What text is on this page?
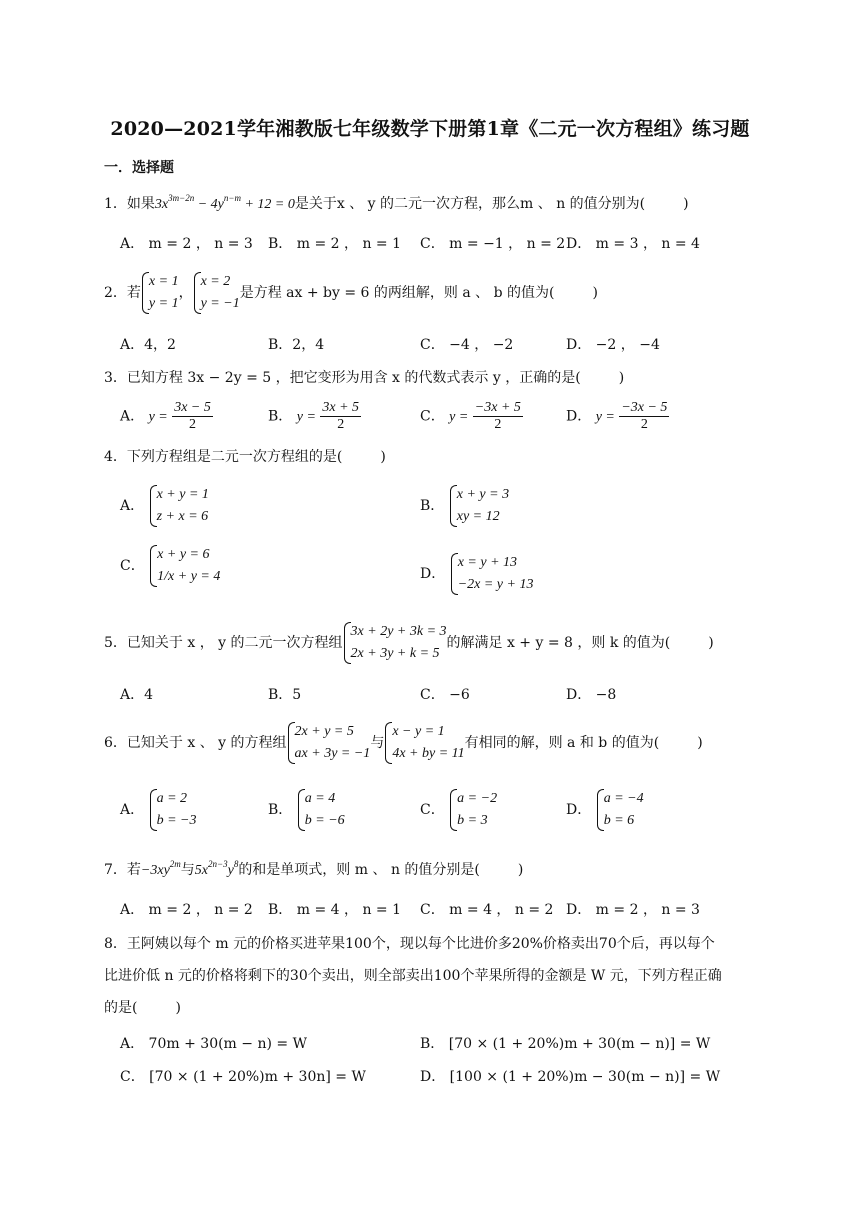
2020—2021学年湘教版七年级数学下册第1章《二元一次方程组》练习题
一．选择题
1．如果$3x^{3m-2n} - 4y^{n-m} + 12 = 0$是关于x 、 y 的二元一次方程，那么m 、 n 的值分别为(	)
A． m = 2 ， n = 3 B． m = 2 ， n = 1 C． m = −1 ， n = 2 D． m = 3 ， n = 4
2．若
x = 1
y = 1
，
x = 2
y = −1
是方程 ax + by = 6 的两组解，则 a 、 b 的值为(	)
A．4，2	B．2，4	C． −4 ， −2	D． −2 ， −4
3．已知方程 3x − 2y = 5 ，把它变形为用含 x 的代数式表示 y ，正确的是(	)
A． $y = \frac{3x - 5}{2}$	B． $y = \frac{3x + 5}{2}$	C． $y = \frac{-3x + 5}{2}$	D． $y = \frac{-3x - 5}{2}$
4．下列方程组是二元一次方程组的是(	)
A．
x + y = 1
z + x = 6
B．
x + y = 3
xy = 12
C．
x + y = 6
1/x + y = 4	D．
x = y + 13
−2x = y + 13
5．已知关于 x ， y 的二元一次方程组
3x + 2y + 3k = 3
2x + 3y + k = 5
的解满足 x + y = 8 ，则 k 的值为(	)
A．4	B．5	C． −6	D． −8
6．已知关于 x 、 y 的方程组
2x + y = 5
ax + 3y = −1
与
x − y = 1
4x + by = 11
有相同的解，则 a 和 b 的值为(	)
A．
a = 2
b = −3
B．
a = 4
b = −6
C．
a = −2
b = 3
D．
a = −4
b = 6
7．若$-3xy^{2m}$与$5x^{2n-3}y^8$的和是单项式，则 m 、 n 的值分别是(	)
A． m = 2 ， n = 2 B． m = 4 ， n = 1 C． m = 4 ， n = 2 D． m = 2 ， n = 3
8．王阿姨以每个 m 元的价格买进苹果100个，现以每个比进价多20%价格卖出70个后，再以每个
比进价低 n 元的价格将剩下的30个卖出，则全部卖出100个苹果所得的金额是 W 元，下列方程正确
的是(	)
A． 70m + 30(m − n) = W	B． [70 × (1 + 20%)m + 30(m − n)] = W
C． [70 × (1 + 20%)m + 30n] = W	D． [100 × (1 + 20%)m − 30(m − n)] = W
